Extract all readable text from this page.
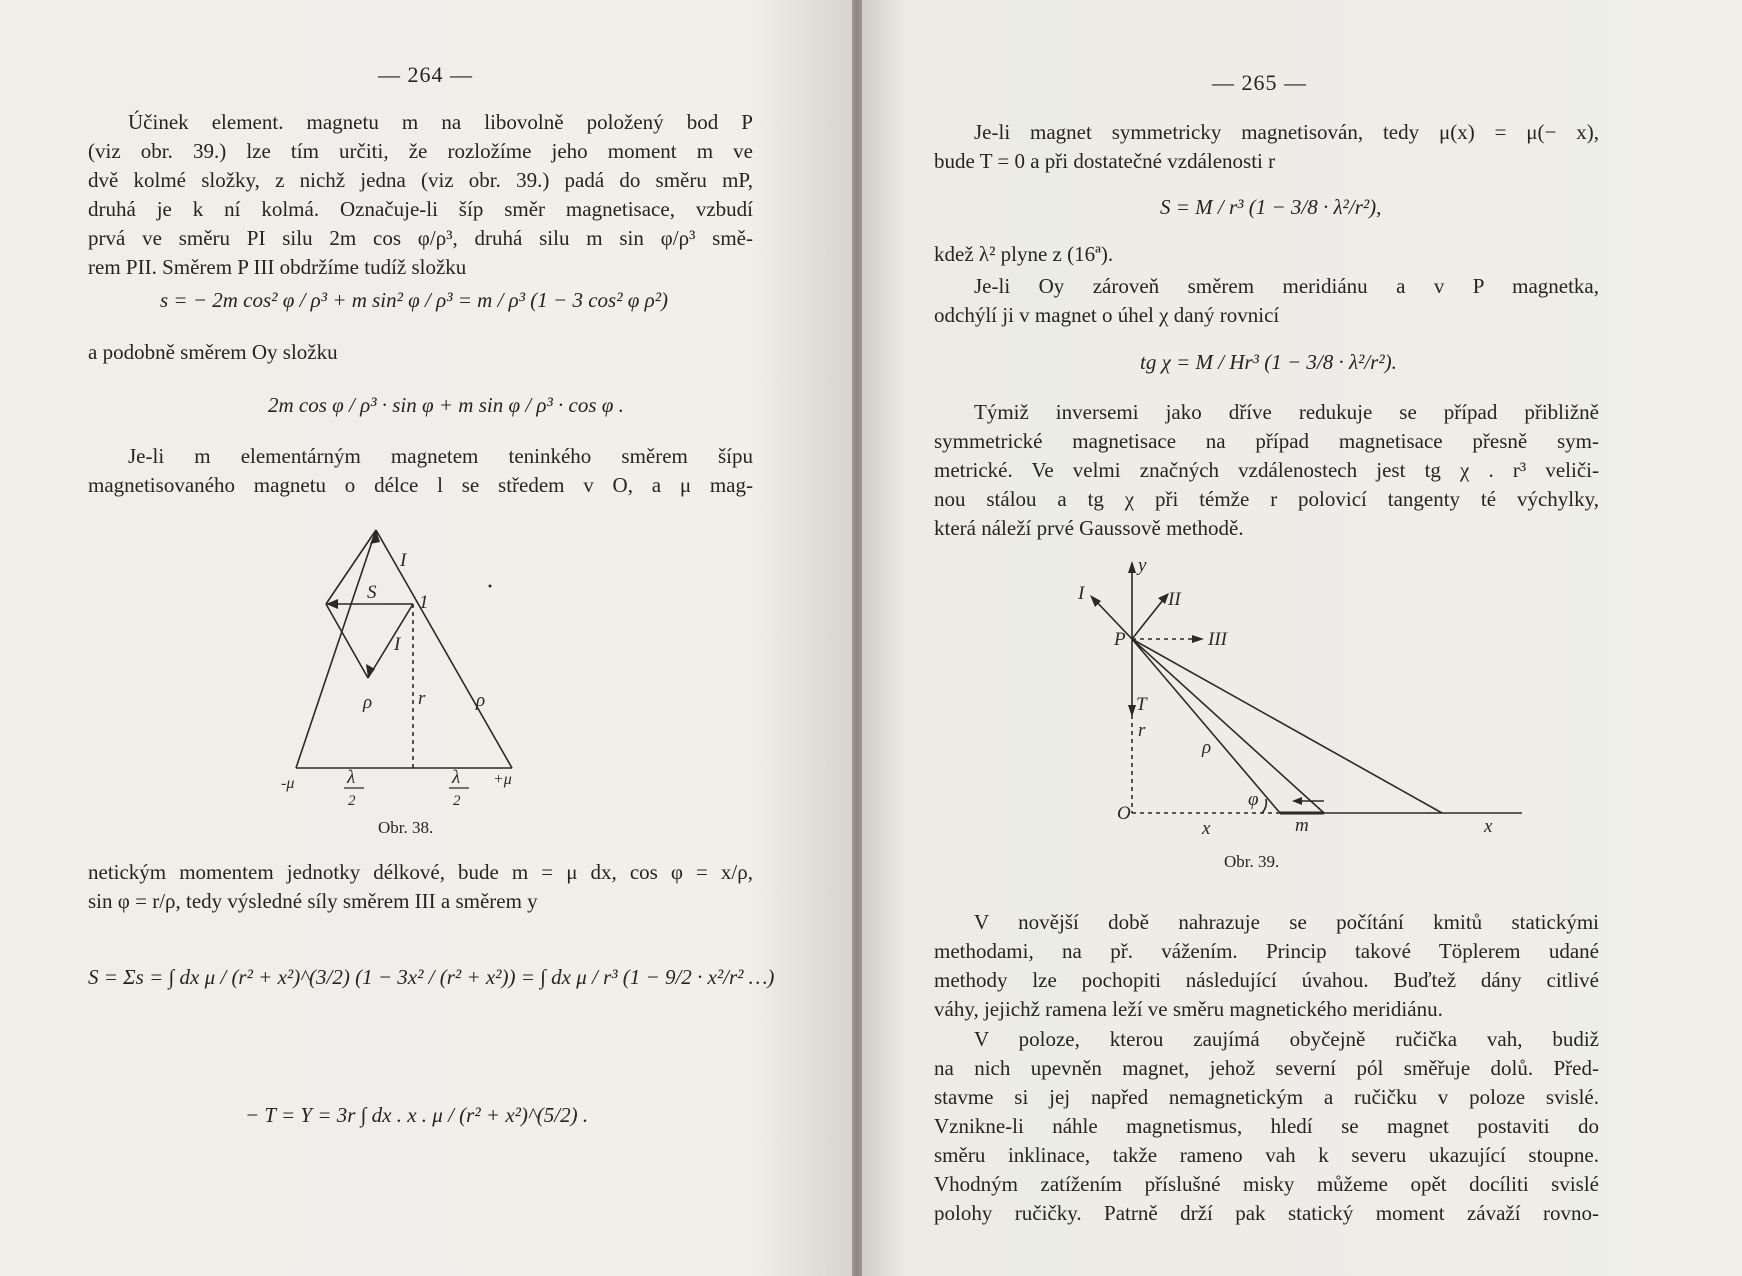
— 264 —

Účinek element. magnetu m na libovolně položený bod P

(viz obr. 39.) lze tím určiti, že rozložíme jeho moment m ve

dvě kolmé složky, z nichž jedna (viz obr. 39.) padá do směru mP,

druhá je k ní kolmá. Označuje-li šíp směr magnetisace, vzbudí

prvá ve směru PI silu 2m cos φ/ρ³, druhá silu m sin φ/ρ³ smě-

rem PII. Směrem P III obdržíme tudíž složku

s = − 2m cos² φ / ρ³ + m sin² φ / ρ³ = m / ρ³ (1 − 3 cos² φ ρ²)

a podobně směrem Oy složku

2m cos φ / ρ³ · sin φ + m sin φ / ρ³ · cos φ .

Je-li m elementárným magnetem teninkého směrem šípu

magnetisovaného magnetu o délce l se středem v O, a μ mag-

I
S 1
I
ρ r	ρ
-μ	λ
2
λ
2
+μ
Obr. 38.

netickým momentem jednotky délkové, bude m = μ dx, cos φ = x/ρ,

sin φ = r/ρ, tedy výsledné síly směrem III a směrem y

S = Σs = ∫ dx μ / (r² + x²)^(3/2) (1 − 3x² / (r² + x²)) = ∫ dx μ / r³ (1 − 9/2 · x²/r² …)
− T = Y = 3r ∫ dx . x . μ / (r² + x²)^(5/2) .
— 265 —

Je-li magnet symmetricky magnetisován, tedy μ(x) = μ(− x),

bude T = 0 a při dostatečné vzdálenosti r

S = M / r³ (1 − 3/8 · λ²/r²),

kdež λ² plyne z (16ª).

Je-li Oy zároveň směrem meridiánu a v P magnetka,

odchýlí ji v magnet o úhel χ daný rovnicí

tg χ = M / Hr³ (1 − 3/8 · λ²/r²).

Týmiž inversemi jako dříve redukuje se případ přibližně

symmetrické magnetisace na případ magnetisace přesně sym-

metrické. Ve velmi značných vzdálenostech jest tg χ . r³ veliči-

nou stálou a tg χ při témže r polovicí tangenty té výchylky,

která náleží prvé Gaussově methodě.

y
I	II
III
P
T
r
ρ
φ
O
x	m	x
Obr. 39.

V novější době nahrazuje se počítání kmitů statickými

methodami, na př. vážením. Princip takové Töplerem udané

methody lze pochopiti následující úvahou. Buďtež dány citlivé

váhy, jejichž ramena leží ve směru magnetického meridiánu.

V poloze, kterou zaujímá obyčejně ručička vah, budiž

na nich upevněn magnet, jehož severní pól směřuje dolů. Před-

stavme si jej napřed nemagnetickým a ručičku v poloze svislé.

Vznikne-li náhle magnetismus, hledí se magnet postaviti do

směru inklinace, takže rameno vah k severu ukazující stoupne.

Vhodným zatížením příslušné misky můžeme opět docíliti svislé

polohy ručičky. Patrně drží pak statický moment závaží rovno-
